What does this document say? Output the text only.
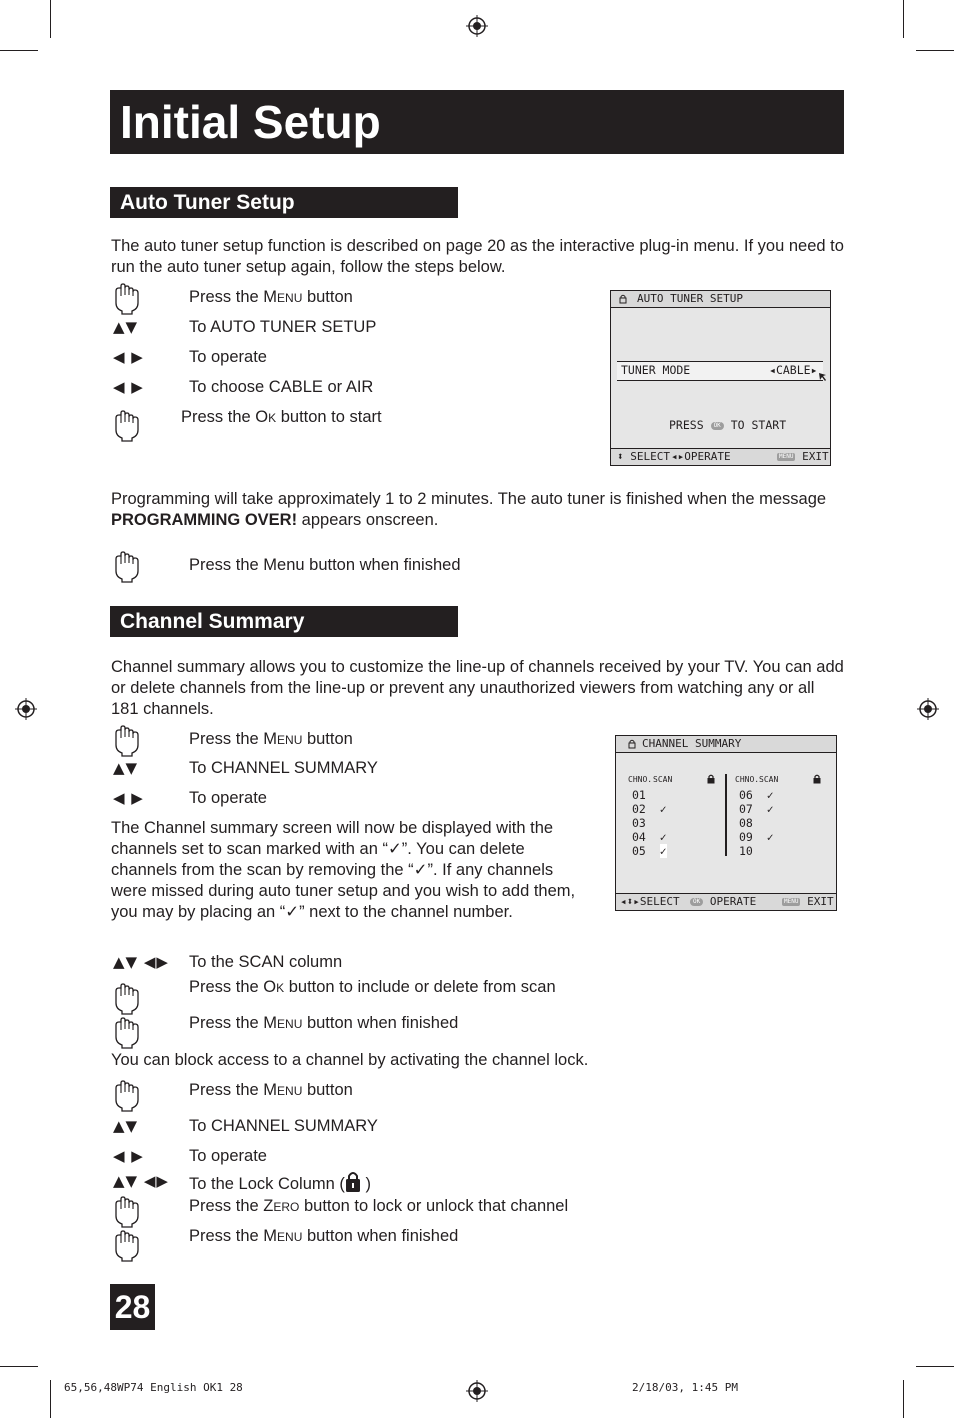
Initial Setup
Auto Tuner Setup
The auto tuner setup function is described on page 20 as the interactive plug-in menu. If you need to run the auto tuner setup again, follow the steps below.
Press the Menu button
▲▼	To AUTO TUNER SETUP
◀ ▶	To operate
◀ ▶	To choose CABLE or AIR
Press the Ok button to start
AUTO TUNER SETUP
TUNER MODE	◂CABLE▸
PRESS OK TO START
⬍ SELECT ◂▸OPERATE	MENU EXIT
Programming will take approximately 1 to 2 minutes. The auto tuner is finished when the message PROGRAMMING OVER! appears onscreen.
Press the Menu button when finished
Channel Summary
Channel summary allows you to customize the line-up of channels received by your TV. You can add or delete channels from the line-up or prevent any unauthorized viewers from watching any or all 181 channels.
Press the Menu button
▲▼	To CHANNEL SUMMARY
◀ ▶	To operate
The Channel summary screen will now be displayed with the channels set to scan marked with an “✓”. You can delete channels from the scan by removing the “✓”. If any channels were missed during auto tuner setup and you wish to add them, you may by placing an “✓” next to the channel number.
CHANNEL SUMMARY
CHNO. SCAN	CHNO. SCAN
01
02 ✓
03
04 ✓
05 ✓
06 ✓
07 ✓
08
09 ✓
10
◂⬍▸SELECT	OK OPERATE	MENU EXIT
▲▼ ◀▶ To the SCAN column
Press the Ok button to include or delete from scan
Press the Menu button when finished
You can block access to a channel by activating the channel lock.
Press the Menu button
▲▼	To CHANNEL SUMMARY
◀ ▶	To operate
▲▼ ◀▶ To the Lock Column ( )
Press the Zero button to lock or unlock that channel
Press the Menu button when finished
28
65,56,48WP74 English OK1 28	2/18/03, 1:45 PM
